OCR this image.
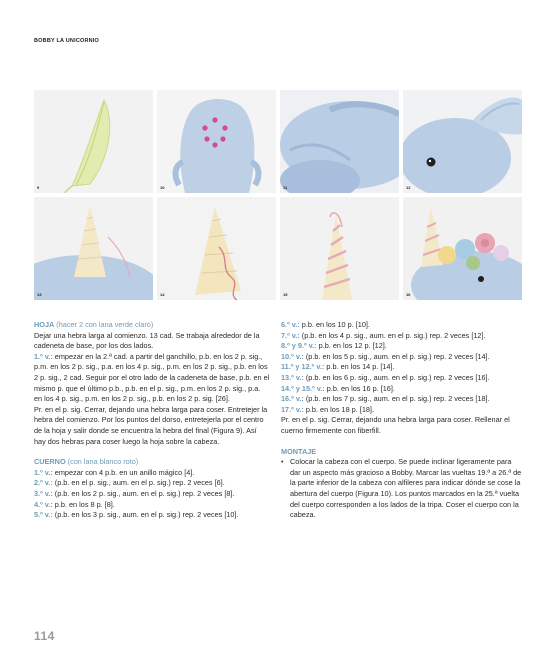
BOBBY LA UNICORNIO
9	10	11	12
13	14	15	16
HOJA (hacer 2 con lana verde claro)
Dejar una hebra larga al comienzo. 13 cad. Se trabaja alrededor de la cadeneta de base, por los dos lados.
1.º v.: empezar en la 2.ª cad. a partir del ganchillo, p.b. en los 2 p. sig., p.m. en los 2 p. sig., p.a. en los 4 p. sig., p.m. en los 2 p. sig., p.b. en los 2 p. sig., 2 cad. Seguir por el otro lado de la cadeneta de base, p.b. en el mismo p. que el último p.b., p.b. en el p. sig., p.m. en los 2 p. sig., p.a. en los 4 p. sig., p.m. en los 2 p. sig., p.b. en los 2 p. sig. [26].
Pr. en el p. sig. Cerrar, dejando una hebra larga para coser. Entretejer la hebra del comienzo. Por los puntos del dorso, entretejerla por el centro de la hoja y salir donde se encuentra la hebra del final (Figura 9). Así hay dos hebras para coser luego la hoja sobre la cabeza.
CUERNO (con lana blanco roto)
1.º v.: empezar con 4 p.b. en un anillo mágico [4].
2.º v.: (p.b. en el p. sig., aum. en el p. sig.) rep. 2 veces [6].
3.º v.: (p.b. en los 2 p. sig., aum. en el p. sig.) rep. 2 veces [8].
4.º v.: p.b. en los 8 p. [8].
5.º v.: (p.b. en los 3 p. sig., aum. en el p. sig.) rep. 2 veces [10].
6.º v.: p.b. en los 10 p. [10].
7.º v.: (p.b. en los 4 p. sig., aum. en el p. sig.) rep. 2 veces [12].
8.º y 9.º v.: p.b. en los 12 p. [12].
10.º v.: (p.b. en los 5 p. sig., aum. en el p. sig.) rep. 2 veces [14].
11.º y 12.º v.: p.b. en los 14 p. [14].
13.º v.: (p.b. en los 6 p. sig., aum. en el p. sig.) rep. 2 veces [16].
14.º y 15.º v.: p.b. en los 16 p. [16].
16.º v.: (p.b. en los 7 p. sig., aum. en el p. sig.) rep. 2 veces [18].
17.º v.: p.b. en los 18 p. [18].
Pr. en el p. sig. Cerrar, dejando una hebra larga para coser. Rellenar el cuerno firmemente con fiberfill.
MONTAJE
• Colocar la cabeza con el cuerpo. Se puede inclinar ligeramente para dar un aspecto más gracioso a Bobby. Marcar las vueltas 19.ª a 26.ª de la parte inferior de la cabeza con alfileres para indicar dónde se cose la abertura del cuerpo (Figura 10). Los puntos marcados en la 25.ª vuelta del cuerpo corresponden a los lados de la tripa. Coser el cuerpo con la cabeza.
114
